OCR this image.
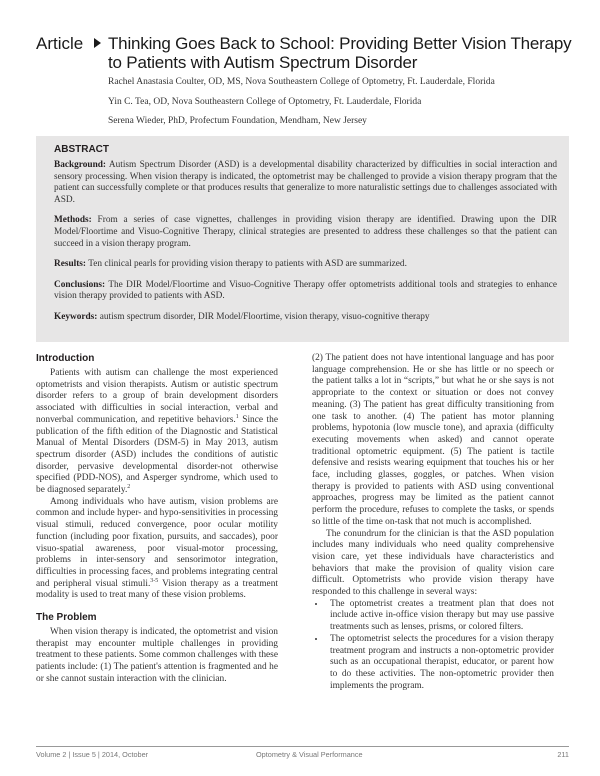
Article Thinking Goes Back to School: Providing Better Vision Therapy to Patients with Autism Spectrum Disorder
Rachel Anastasia Coulter, OD, MS, Nova Southeastern College of Optometry, Ft. Lauderdale, Florida
Yin C. Tea, OD, Nova Southeastern College of Optometry, Ft. Lauderdale, Florida
Serena Wieder, PhD, Profectum Foundation, Mendham, New Jersey
ABSTRACT

Background: Autism Spectrum Disorder (ASD) is a developmental disability characterized by difficulties in social interaction and sensory processing. When vision therapy is indicated, the optometrist may be challenged to provide a vision therapy program that the patient can successfully complete or that produces results that generalize to more naturalistic settings due to challenges associated with ASD.

Methods: From a series of case vignettes, challenges in providing vision therapy are identified. Drawing upon the DIR Model/Floortime and Visuo-Cognitive Therapy, clinical strategies are presented to address these challenges so that the patient can succeed in a vision therapy program.

Results: Ten clinical pearls for providing vision therapy to patients with ASD are summarized.

Conclusions: The DIR Model/Floortime and Visuo-Cognitive Therapy offer optometrists additional tools and strategies to enhance vision therapy provided to patients with ASD.

Keywords: autism spectrum disorder, DIR Model/Floortime, vision therapy, visuo-cognitive therapy

Introduction

Patients with autism can challenge the most experienced optometrists and vision therapists. Autism or autistic spectrum disorder refers to a group of brain development disorders associated with difficulties in social interaction, verbal and nonverbal communication, and repetitive behaviors.$^1$ Since the publication of the fifth edition of the Diagnostic and Statistical Manual of Mental Disorders (DSM-5) in May 2013, autism spectrum disorder (ASD) includes the conditions of autistic disorder, pervasive developmental disorder-not otherwise specified (PDD-NOS), and Asperger syndrome, which used to be diagnosed separately.$^2$

Among individuals who have autism, vision problems are common and include hyper- and hypo-sensitivities in processing visual stimuli, reduced convergence, poor ocular motility function (including poor fixation, pursuits, and saccades), poor visuo-spatial awareness, poor visual-motor processing, problems in inter-sensory and sensorimotor integration, difficulties in processing faces, and problems integrating central and peripheral visual stimuli.$^{3-5}$ Vision therapy as a treatment modality is used to treat many of these vision problems.

The Problem

When vision therapy is indicated, the optometrist and vision therapist may encounter multiple challenges in providing treatment to these patients. Some common challenges with these patients include: (1) The patient's attention is fragmented and he or she cannot sustain interaction with the clinician.

(2) The patient does not have intentional language and has poor language comprehension. He or she has little or no speech or the patient talks a lot in “scripts,” but what he or she says is not appropriate to the context or situation or does not convey meaning. (3) The patient has great difficulty transitioning from one task to another. (4) The patient has motor planning problems, hypotonia (low muscle tone), and apraxia (difficulty executing movements when asked) and cannot operate traditional optometric equipment. (5) The patient is tactile defensive and resists wearing equipment that touches his or her face, including glasses, goggles, or patches. When vision therapy is provided to patients with ASD using conventional approaches, progress may be limited as the patient cannot perform the procedure, refuses to complete the tasks, or spends so little of the time on-task that not much is accomplished.

The conundrum for the clinician is that the ASD population includes many individuals who need quality comprehensive vision care, yet these individuals have characteristics and behaviors that make the provision of quality vision care difficult. Optometrists who provide vision therapy have responded to this challenge in several ways:

• The optometrist creates a treatment plan that does not include active in-office vision therapy but may use passive treatments such as lenses, prisms, or colored filters.
• The optometrist selects the procedures for a vision therapy treatment program and instructs a non-optometric provider such as an occupational therapist, educator, or parent how to do these activities. The non-optometric provider then implements the program.
Volume 2 | Issue 5 | 2014, October	Optometry & Visual Performance	211
